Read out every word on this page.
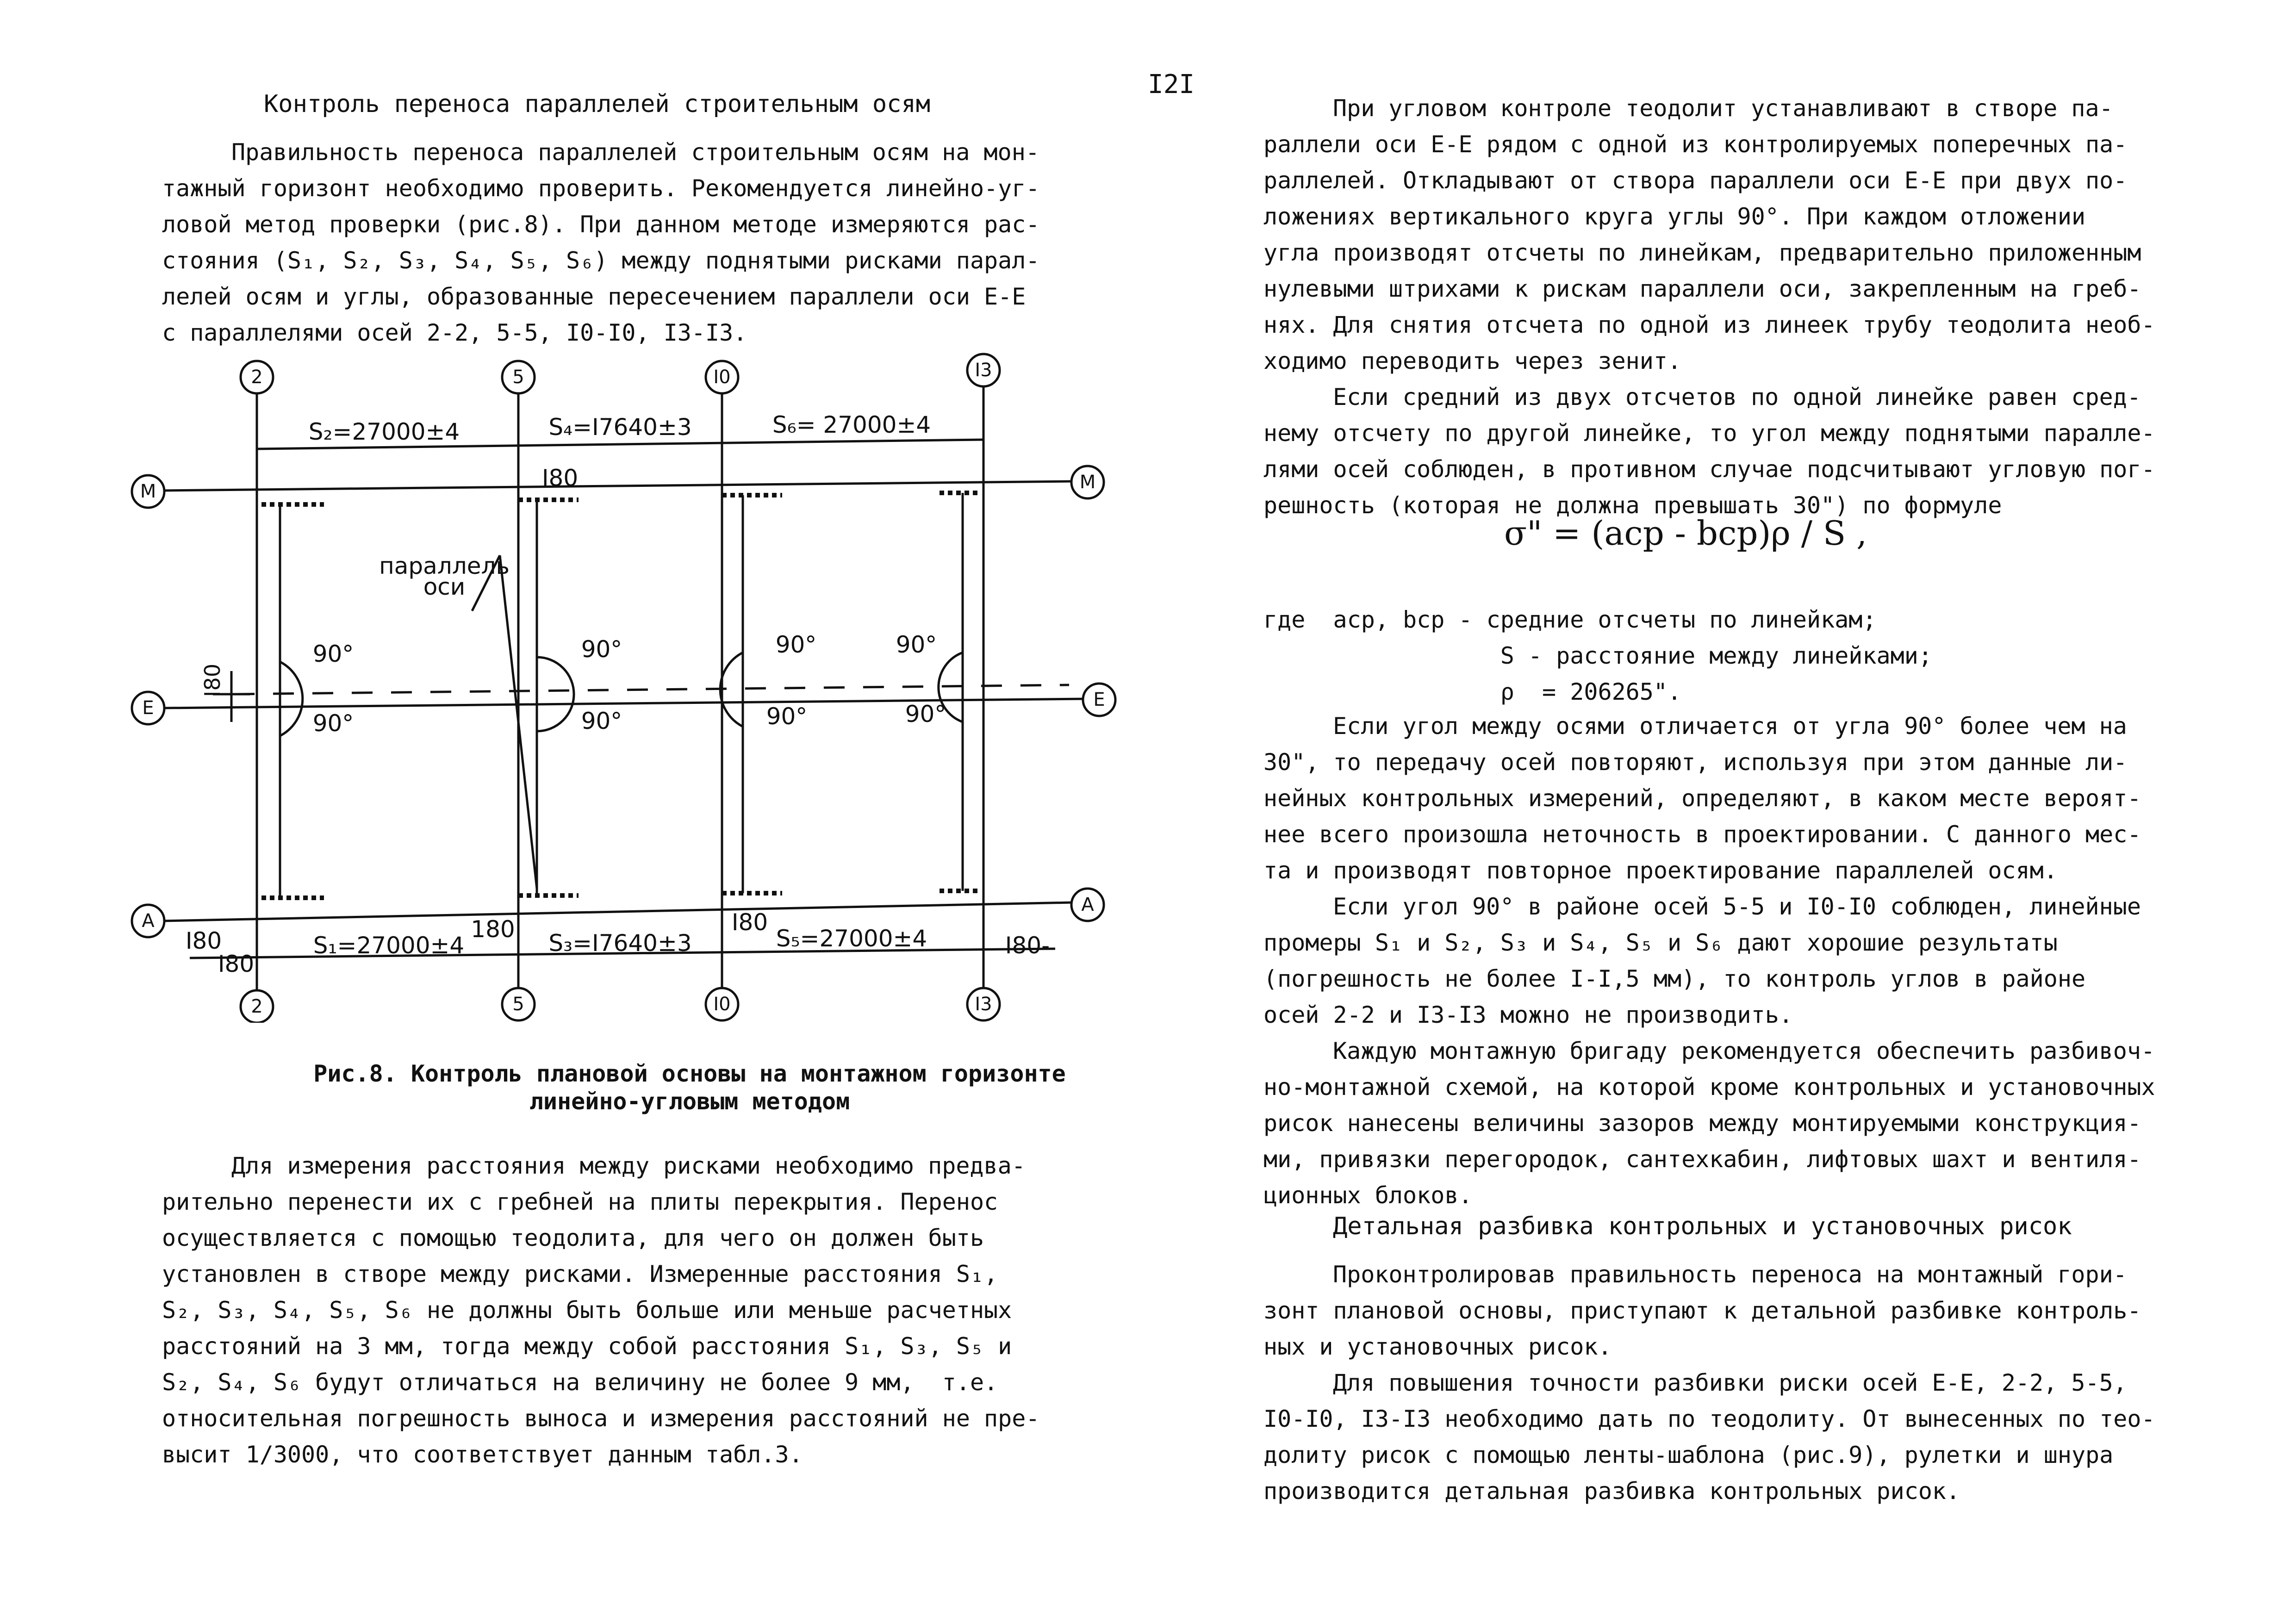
I2I
Контроль переноса параллелей строительным осям

Правильность переноса параллелей строительным осям на мон-

тажный горизонт необходимо проверить. Рекомендуется линейно-уг-

ловой метод проверки (рис.8). При данном методе измеряются рас-

стояния (S₁, S₂, S₃, S₄, S₅, S₆) между поднятыми рисками парал-

лелей осям и углы, образованные пересечением параллели оси Е-Е

с параллелями осей 2-2, 5-5, I0-I0, I3-I3.

2	5	I0	I3
2	5	I0	I3
M
E
A
M
E
A
S₂=27000±4	S₄=I7640±3	S₆= 27000±4
S₁=27000±4	S₃=I7640±3	S₅=27000±4
параллель
оси
90°
90°
90°
90°
90°
90°
90°
90°
I80
I80
180	I80
I80-
I80
I80
Рис.8. Контроль плановой основы на монтажном горизонте
линейно-угловым методом

Для измерения расстояния между рисками необходимо предва-

рительно перенести их с гребней на плиты перекрытия. Перенос

осуществляется с помощью теодолита, для чего он должен быть

установлен в створе между рисками. Измеренные расстояния S₁,

S₂, S₃, S₄, S₅, S₆ не должны быть больше или меньше расчетных

расстояний на 3 мм, тогда между собой расстояния S₁, S₃, S₅ и

S₂, S₄, S₆ будут отличаться на величину не более 9 мм,  т.е.

относительная погрешность выноса и измерения расстояний не пре-

высит 1/3000, что соответствует данным табл.3.

При угловом контроле теодолит устанавливают в створе па-

раллели оси Е-Е рядом с одной из контролируемых поперечных па-

раллелей. Откладывают от створа параллели оси Е-Е при двух по-

ложениях вертикального круга углы 90°. При каждом отложении

угла производят отсчеты по линейкам, предварительно приложенным

нулевыми штрихами к рискам параллели оси, закрепленным на греб-

нях. Для снятия отсчета по одной из линеек трубу теодолита необ-

ходимо переводить через зенит.

Если средний из двух отсчетов по одной линейке равен сред-

нему отсчету по другой линейке, то угол между поднятыми паралле-

лями осей соблюден, в противном случае подсчитывают угловую пог-

решность (которая не должна превышать 30") по формуле

σ" = (aср - bср)ρ / S ,

где  aср, bср - средние отсчеты по линейкам;

S - расстояние между линейками;

ρ  = 206265".

Если угол между осями отличается от угла 90° более чем на

30", то передачу осей повторяют, используя при этом данные ли-

нейных контрольных измерений, определяют, в каком месте вероят-

нее всего произошла неточность в проектировании. С данного мес-

та и производят повторное проектирование параллелей осям.

Если угол 90° в районе осей 5-5 и I0-I0 соблюден, линейные

промеры S₁ и S₂, S₃ и S₄, S₅ и S₆ дают хорошие результаты

(погрешность не более I-I,5 мм), то контроль углов в районе

осей 2-2 и I3-I3 можно не производить.

Каждую монтажную бригаду рекомендуется обеспечить разбивоч-

но-монтажной схемой, на которой кроме контрольных и установочных

рисок нанесены величины зазоров между монтируемыми конструкция-

ми, привязки перегородок, сантехкабин, лифтовых шахт и вентиля-

ционных блоков.

Детальная разбивка контрольных и установочных рисок

Проконтролировав правильность переноса на монтажный гори-

зонт плановой основы, приступают к детальной разбивке контроль-

ных и установочных рисок.

Для повышения точности разбивки риски осей Е-Е, 2-2, 5-5,

I0-I0, I3-I3 необходимо дать по теодолиту. От вынесенных по тео-

долиту рисок с помощью ленты-шаблона (рис.9), рулетки и шнура

производится детальная разбивка контрольных рисок.
